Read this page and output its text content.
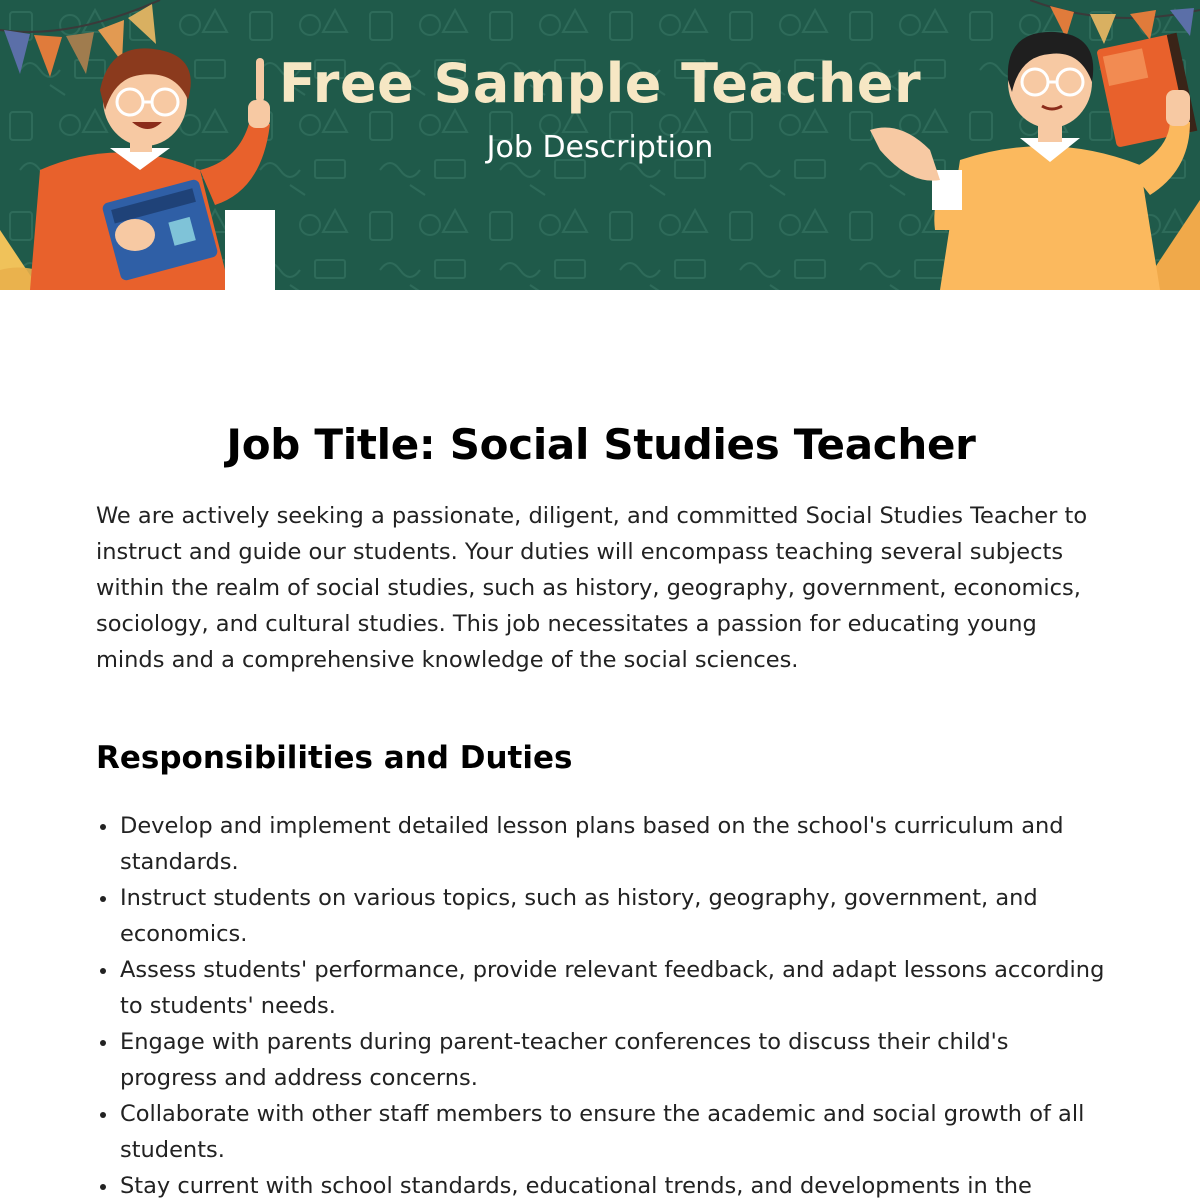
Free Sample Teacher
Job Description
Job Title: Social Studies Teacher

We are actively seeking a passionate, diligent, and committed Social Studies Teacher to instruct and guide our students. Your duties will encompass teaching several subjects within the realm of social studies, such as history, geography, government, economics, sociology, and cultural studies. This job necessitates a passion for educating young minds and a comprehensive knowledge of the social sciences.

Responsibilities and Duties
Develop and implement detailed lesson plans based on the school's curriculum and standards.
Instruct students on various topics, such as history, geography, government, and economics.
Assess students' performance, provide relevant feedback, and adapt lessons according to students' needs.
Engage with parents during parent-teacher conferences to discuss their child's progress and address concerns.
Collaborate with other staff members to ensure the academic and social growth of all students.
Stay current with school standards, educational trends, and developments in the
